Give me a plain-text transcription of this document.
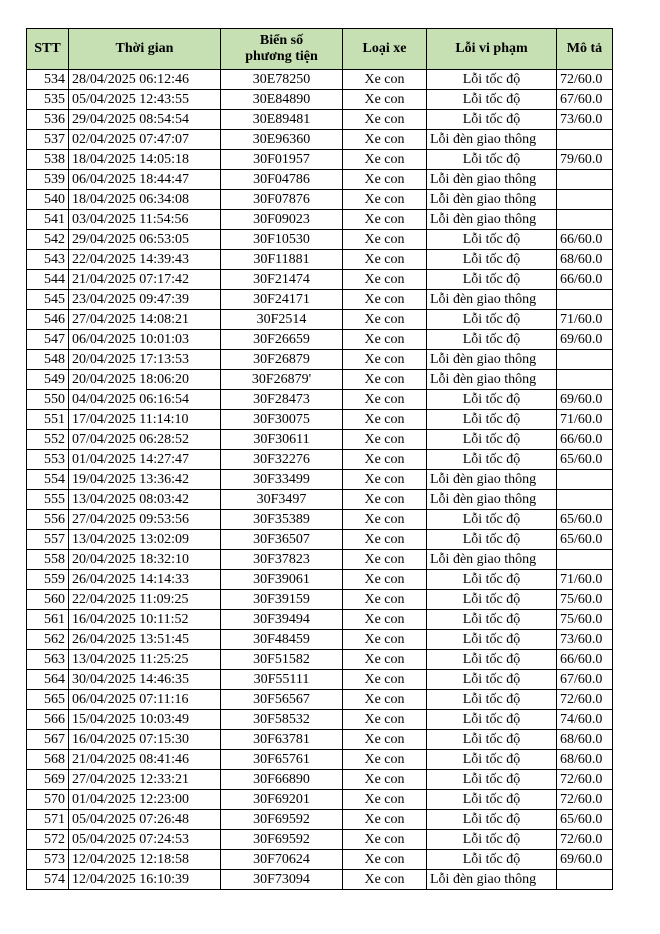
STT	Thời gian	Biển số
phương tiện	Loại xe	Lỗi vi phạm	Mô tả
534	28/04/2025 06:12:46	30E78250	Xe con	Lỗi tốc độ	72/60.0
535	05/04/2025 12:43:55	30E84890	Xe con	Lỗi tốc độ	67/60.0
536	29/04/2025 08:54:54	30E89481	Xe con	Lỗi tốc độ	73/60.0
537	02/04/2025 07:47:07	30E96360	Xe con	Lỗi đèn giao thông	
538	18/04/2025 14:05:18	30F01957	Xe con	Lỗi tốc độ	79/60.0
539	06/04/2025 18:44:47	30F04786	Xe con	Lỗi đèn giao thông	
540	18/04/2025 06:34:08	30F07876	Xe con	Lỗi đèn giao thông	
541	03/04/2025 11:54:56	30F09023	Xe con	Lỗi đèn giao thông	
542	29/04/2025 06:53:05	30F10530	Xe con	Lỗi tốc độ	66/60.0
543	22/04/2025 14:39:43	30F11881	Xe con	Lỗi tốc độ	68/60.0
544	21/04/2025 07:17:42	30F21474	Xe con	Lỗi tốc độ	66/60.0
545	23/04/2025 09:47:39	30F24171	Xe con	Lỗi đèn giao thông	
546	27/04/2025 14:08:21	30F2514	Xe con	Lỗi tốc độ	71/60.0
547	06/04/2025 10:01:03	30F26659	Xe con	Lỗi tốc độ	69/60.0
548	20/04/2025 17:13:53	30F26879	Xe con	Lỗi đèn giao thông	
549	20/04/2025 18:06:20	30F26879'	Xe con	Lỗi đèn giao thông	
550	04/04/2025 06:16:54	30F28473	Xe con	Lỗi tốc độ	69/60.0
551	17/04/2025 11:14:10	30F30075	Xe con	Lỗi tốc độ	71/60.0
552	07/04/2025 06:28:52	30F30611	Xe con	Lỗi tốc độ	66/60.0
553	01/04/2025 14:27:47	30F32276	Xe con	Lỗi tốc độ	65/60.0
554	19/04/2025 13:36:42	30F33499	Xe con	Lỗi đèn giao thông	
555	13/04/2025 08:03:42	30F3497	Xe con	Lỗi đèn giao thông	
556	27/04/2025 09:53:56	30F35389	Xe con	Lỗi tốc độ	65/60.0
557	13/04/2025 13:02:09	30F36507	Xe con	Lỗi tốc độ	65/60.0
558	20/04/2025 18:32:10	30F37823	Xe con	Lỗi đèn giao thông	
559	26/04/2025 14:14:33	30F39061	Xe con	Lỗi tốc độ	71/60.0
560	22/04/2025 11:09:25	30F39159	Xe con	Lỗi tốc độ	75/60.0
561	16/04/2025 10:11:52	30F39494	Xe con	Lỗi tốc độ	75/60.0
562	26/04/2025 13:51:45	30F48459	Xe con	Lỗi tốc độ	73/60.0
563	13/04/2025 11:25:25	30F51582	Xe con	Lỗi tốc độ	66/60.0
564	30/04/2025 14:46:35	30F55111	Xe con	Lỗi tốc độ	67/60.0
565	06/04/2025 07:11:16	30F56567	Xe con	Lỗi tốc độ	72/60.0
566	15/04/2025 10:03:49	30F58532	Xe con	Lỗi tốc độ	74/60.0
567	16/04/2025 07:15:30	30F63781	Xe con	Lỗi tốc độ	68/60.0
568	21/04/2025 08:41:46	30F65761	Xe con	Lỗi tốc độ	68/60.0
569	27/04/2025 12:33:21	30F66890	Xe con	Lỗi tốc độ	72/60.0
570	01/04/2025 12:23:00	30F69201	Xe con	Lỗi tốc độ	72/60.0
571	05/04/2025 07:26:48	30F69592	Xe con	Lỗi tốc độ	65/60.0
572	05/04/2025 07:24:53	30F69592	Xe con	Lỗi tốc độ	72/60.0
573	12/04/2025 12:18:58	30F70624	Xe con	Lỗi tốc độ	69/60.0
574	12/04/2025 16:10:39	30F73094	Xe con	Lỗi đèn giao thông	
